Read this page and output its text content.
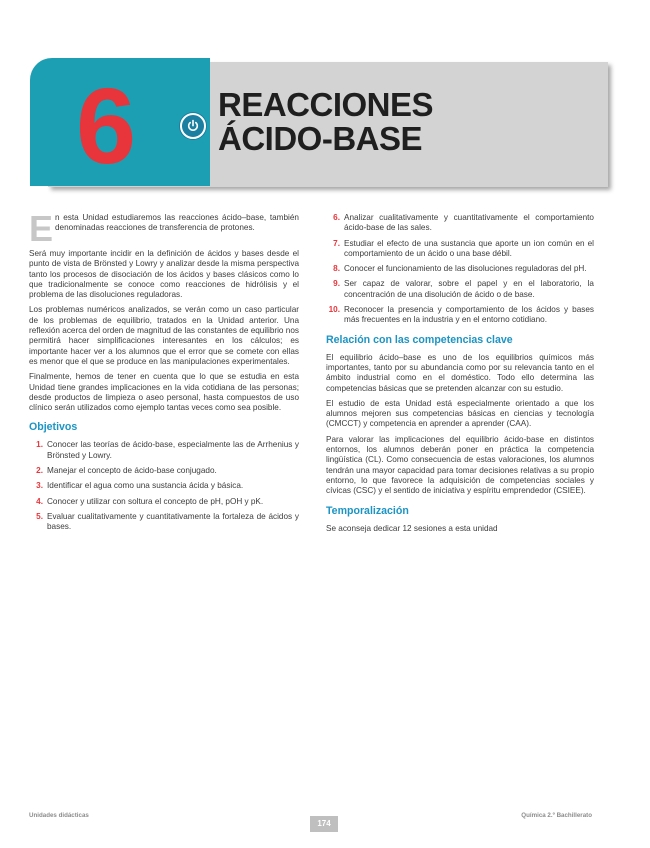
6	REACCIONES
ÁCIDO-BASE
E n esta Unidad estudiaremos las reacciones ácido–base, también denominadas reacciones de transferencia de protones.

Será muy importante incidir en la definición de ácidos y bases desde el punto de vista de Brönsted y Lowry y analizar desde la misma perspectiva tanto los procesos de disociación de los ácidos y bases clásicos como lo que tradicionalmente se conoce como reacciones de hidrólisis y el problema de las disoluciones reguladoras.

Los problemas numéricos analizados, se verán como un caso particular de los problemas de equilibrio, tratados en la Unidad anterior. Una reflexión acerca del orden de magnitud de las constantes de equilibrio nos permitirá hacer simplificaciones interesantes en los cálculos; es importante hacer ver a los alumnos que el error que se comete con ellas es menor que el que se produce en las manipulaciones experimentales.

Finalmente, hemos de tener en cuenta que lo que se estudia en esta Unidad tiene grandes implicaciones en la vida cotidiana de las personas; desde productos de limpieza o aseo personal, hasta compuestos de uso clínico serán utilizados como ejemplo tantas veces como sea posible.

Objetivos
1. Conocer las teorías de ácido-base, especialmente las de Arrhenius y Brönsted y Lowry.
2. Manejar el concepto de ácido-base conjugado.
3. Identificar el agua como una sustancia ácida y básica.
4. Conocer y utilizar con soltura el concepto de pH, pOH y pK.
5. Evaluar cualitativamente y cuantitativamente la fortaleza de ácidos y bases.
6. Analizar cualitativamente y cuantitativamente el comportamiento ácido-base de las sales.
7. Estudiar el efecto de una sustancia que aporte un ion común en el comportamiento de un ácido o una base débil.
8. Conocer el funcionamiento de las disoluciones reguladoras del pH.
9. Ser capaz de valorar, sobre el papel y en el laboratorio, la concentración de una disolución de ácido o de base.
10. Reconocer la presencia y comportamiento de los ácidos y bases más frecuentes en la industria y en el entorno cotidiano.
Relación con las competencias clave

El equilibrio ácido–base es uno de los equilibrios químicos más importantes, tanto por su abundancia como por su relevancia tanto en el ámbito industrial como en el doméstico. Todo ello determina las competencias básicas que se pretenden alcanzar con su estudio.

El estudio de esta Unidad está especialmente orientado a que los alumnos mejoren sus competencias básicas en ciencias y tecnología (CMCCT) y competencia en aprender a aprender (CAA).

Para valorar las implicaciones del equilibrio ácido-base en distintos entornos, los alumnos deberán poner en práctica la competencia lingüística (CL). Como consecuencia de estas valoraciones, los alumnos tendrán una mayor capacidad para tomar decisiones relativas a su propio entorno, lo que favorece la adquisición de competencias sociales y cívicas (CSC) y el sentido de iniciativa y espíritu emprendedor (CSIEE).

Temporalización

Se aconseja dedicar 12 sesiones a esta unidad

Unidades didácticas
174
Química 2.º Bachillerato
